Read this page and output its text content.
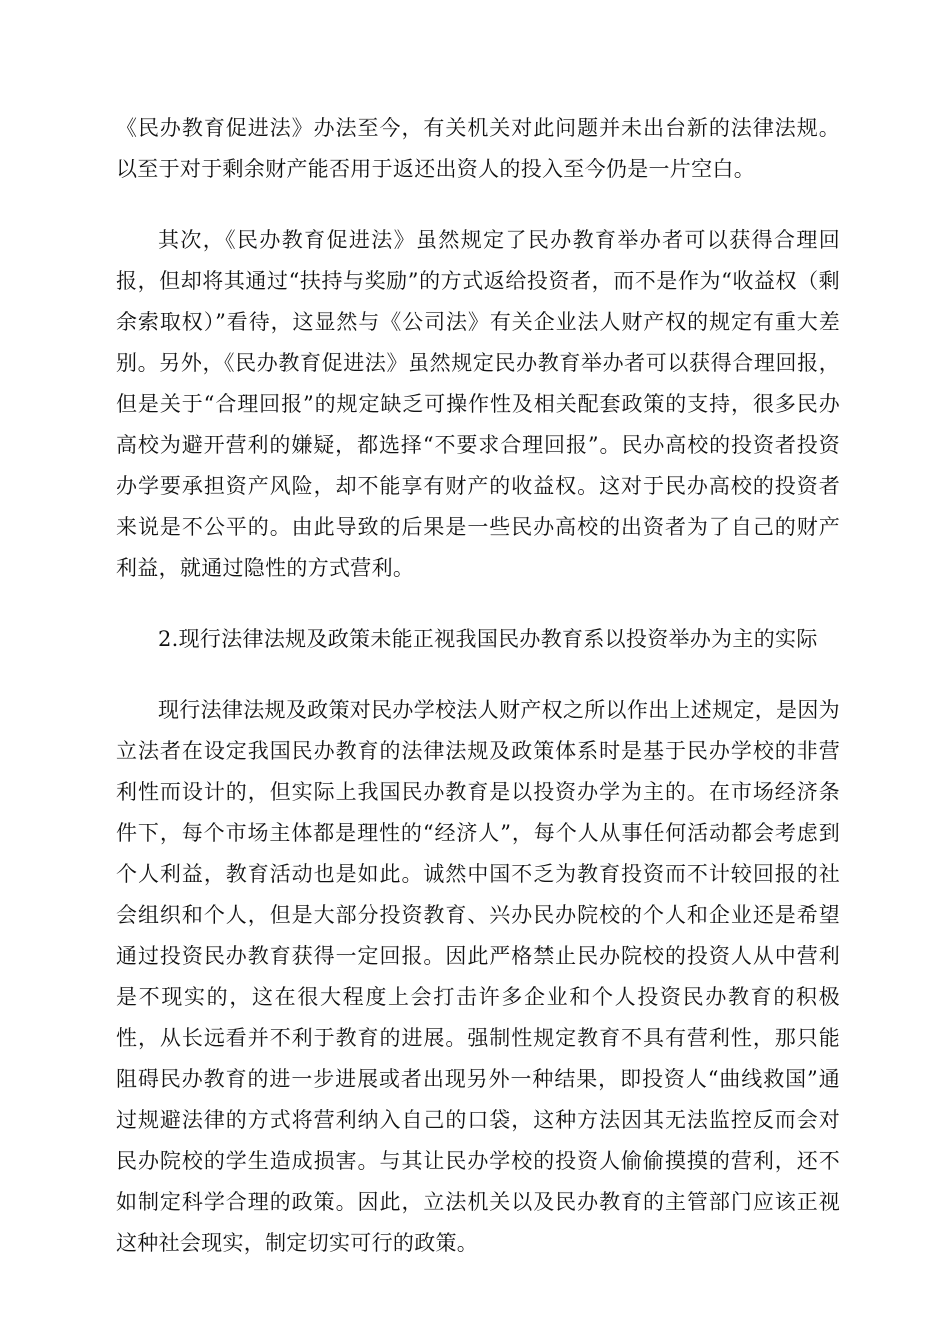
《民办教育促进法》办法至今，有关机关对此问题并未出台新的法律法规。以至于对于剩余财产能否用于返还出资人的投入至今仍是一片空白。

其次，《民办教育促进法》虽然规定了民办教育举办者可以获得合理回报，但却将其通过“扶持与奖励”的方式返给投资者，而不是作为“收益权（剩余索取权）”看待，这显然与《公司法》有关企业法人财产权的规定有重大差别。另外，《民办教育促进法》虽然规定民办教育举办者可以获得合理回报，但是关于“合理回报”的规定缺乏可操作性及相关配套政策的支持，很多民办高校为避开营利的嫌疑，都选择“不要求合理回报”。民办高校的投资者投资办学要承担资产风险，却不能享有财产的收益权。这对于民办高校的投资者来说是不公平的。由此导致的后果是一些民办高校的出资者为了自己的财产利益，就通过隐性的方式营利。

2.现行法律法规及政策未能正视我国民办教育系以投资举办为主的实际

现行法律法规及政策对民办学校法人财产权之所以作出上述规定，是因为立法者在设定我国民办教育的法律法规及政策体系时是基于民办学校的非营利性而设计的，但实际上我国民办教育是以投资办学为主的。在市场经济条件下，每个市场主体都是理性的“经济人”，每个人从事任何活动都会考虑到个人利益，教育活动也是如此。诚然中国不乏为教育投资而不计较回报的社会组织和个人，但是大部分投资教育、兴办民办院校的个人和企业还是希望通过投资民办教育获得一定回报。因此严格禁止民办院校的投资人从中营利是不现实的，这在很大程度上会打击许多企业和个人投资民办教育的积极性，从长远看并不利于教育的进展。强制性规定教育不具有营利性，那只能阻碍民办教育的进一步进展或者出现另外一种结果，即投资人“曲线救国”通过规避法律的方式将营利纳入自己的口袋，这种方法因其无法监控反而会对民办院校的学生造成损害。与其让民办学校的投资人偷偷摸摸的营利，还不如制定科学合理的政策。因此，立法机关以及民办教育的主管部门应该正视这种社会现实，制定切实可行的政策。
